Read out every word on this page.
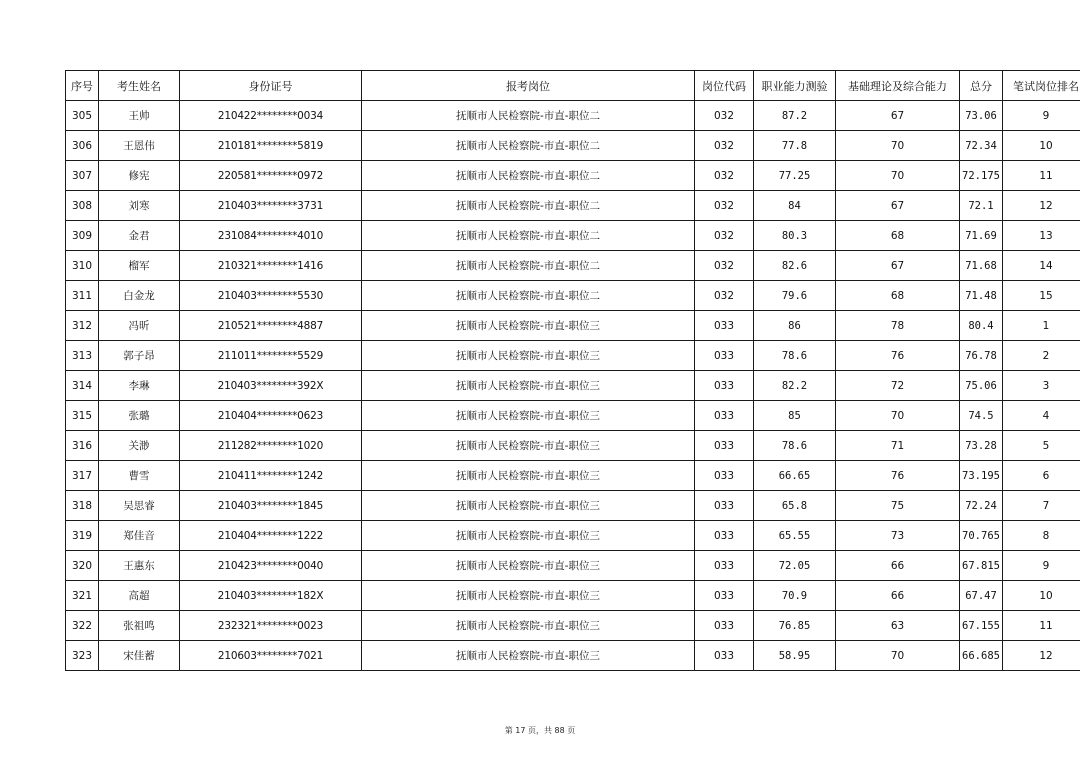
序号	考生姓名	身份证号	报考岗位	岗位代码	职业能力测验	基础理论及综合能力	总分	笔试岗位排名
305	王帅	210422********0034	抚顺市人民检察院-市直-职位二	032	87.2	67	73.06	9
306	王恩伟	210181********5819	抚顺市人民检察院-市直-职位二	032	77.8	70	72.34	10
307	修宪	220581********0972	抚顺市人民检察院-市直-职位二	032	77.25	70	72.175	11
308	刘寒	210403********3731	抚顺市人民检察院-市直-职位二	032	84	67	72.1	12
309	金君	231084********4010	抚顺市人民检察院-市直-职位二	032	80.3	68	71.69	13
310	榴军	210321********1416	抚顺市人民检察院-市直-职位二	032	82.6	67	71.68	14
311	白金龙	210403********5530	抚顺市人民检察院-市直-职位二	032	79.6	68	71.48	15
312	冯昕	210521********4887	抚顺市人民检察院-市直-职位三	033	86	78	80.4	1
313	郭子昂	211011********5529	抚顺市人民检察院-市直-职位三	033	78.6	76	76.78	2
314	李琳	210403********392X	抚顺市人民检察院-市直-职位三	033	82.2	72	75.06	3
315	张璐	210404********0623	抚顺市人民检察院-市直-职位三	033	85	70	74.5	4
316	关渺	211282********1020	抚顺市人民检察院-市直-职位三	033	78.6	71	73.28	5
317	曹雪	210411********1242	抚顺市人民检察院-市直-职位三	033	66.65	76	73.195	6
318	吴思睿	210403********1845	抚顺市人民检察院-市直-职位三	033	65.8	75	72.24	7
319	郑佳音	210404********1222	抚顺市人民检察院-市直-职位三	033	65.55	73	70.765	8
320	王惠东	210423********0040	抚顺市人民检察院-市直-职位三	033	72.05	66	67.815	9
321	高超	210403********182X	抚顺市人民检察院-市直-职位三	033	70.9	66	67.47	10
322	张祖鸣	232321********0023	抚顺市人民检察院-市直-职位三	033	76.85	63	67.155	11
323	宋佳蓄	210603********7021	抚顺市人民检察院-市直-职位三	033	58.95	70	66.685	12
第 17 页，共 88 页
